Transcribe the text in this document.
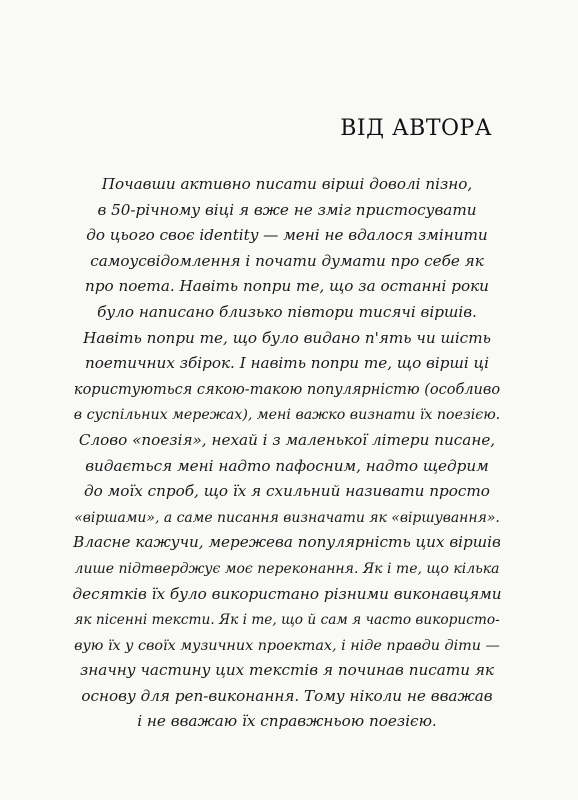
ВІД АВТОРА
Почавши активно писати вірші доволі пізно,
в 50-річному віці я вже не зміг пристосувати
до цього своє identity — мені не вдалося змінити
самоусвідомлення і почати думати про себе як
про поета. Навіть попри те, що за останні роки
було написано близько півтори тисячі віршів.
Навіть попри те, що було видано п'ять чи шість
поетичних збірок. І навіть попри те, що вірші ці
користуються сякою-такою популярністю (особливо
в суспільних мережах), мені важко визнати їх поезією.
Слово «поезія», нехай і з маленької літери писане,
видається мені надто пафосним, надто щедрим
до моїх спроб, що їх я схильний називати просто
«віршами», а саме писання визначати як «віршування».
Власне кажучи, мережева популярність цих віршів
лише підтверджує моє переконання. Як і те, що кілька
десятків їх було використано різними виконавцями
як пісенні тексти. Як і те, що й сам я часто використо-
вую їх у своїх музичних проектах, і ніде правди діти —
значну частину цих текстів я починав писати як
основу для реп-виконання. Тому ніколи не вважав
і не вважаю їх справжньою поезією.
